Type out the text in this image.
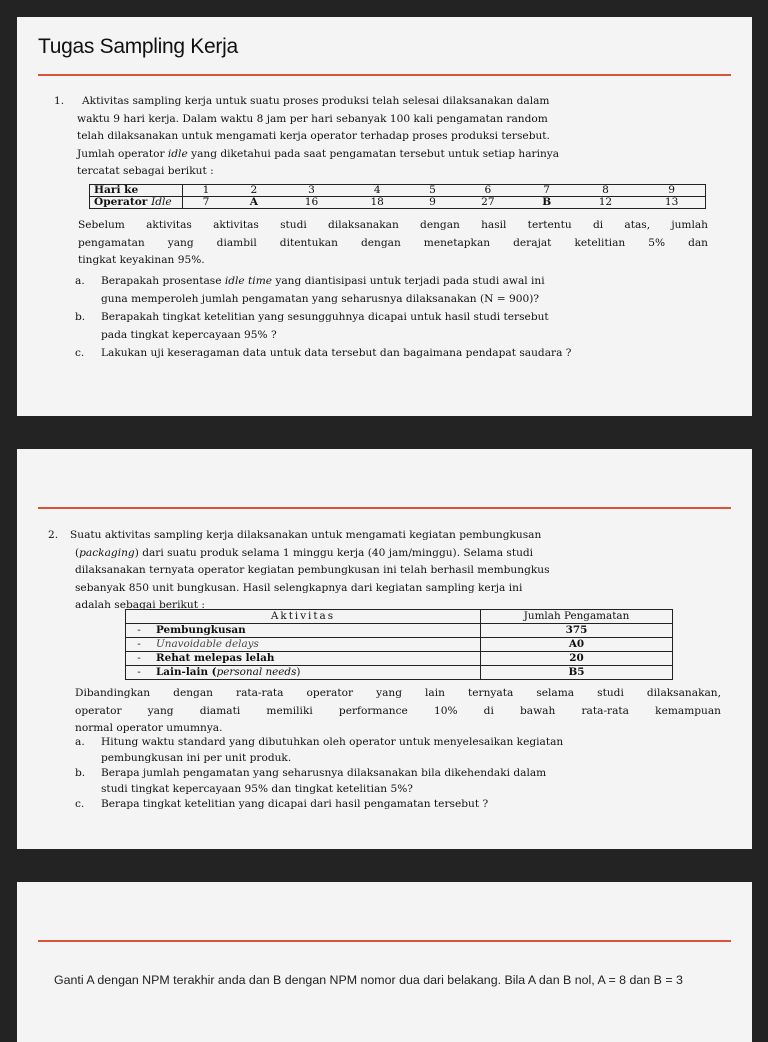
Tugas Sampling Kerja
1. Aktivitas sampling kerja untuk suatu proses produksi telah selesai dilaksanakan dalam
waktu 9 hari kerja. Dalam waktu 8 jam per hari sebanyak 100 kali pengamatan random
telah dilaksanakan untuk mengamati kerja operator terhadap proses produksi tersebut.
Jumlah operator idle yang diketahui pada saat pengamatan tersebut untuk setiap harinya
tercatat sebagai berikut :
Hari ke	1	2	3	4	5	6	7	8	9
Operator Idle	7	A	16	18	9	27	B	12	13
Sebelum aktivitas aktivitas studi dilaksanakan dengan hasil tertentu di atas, jumlah
pengamatan yang diambil ditentukan dengan menetapkan derajat ketelitian 5% dan
tingkat keyakinan 95%.
a.	Berapakah prosentase idle time yang diantisipasi untuk terjadi pada studi awal ini
guna memperoleh jumlah pengamatan yang seharusnya dilaksanakan (N = 900)?
b.	Berapakah tingkat ketelitian yang sesungguhnya dicapai untuk hasil studi tersebut
pada tingkat kepercayaan 95% ?
c.	Lakukan uji keseragaman data untuk data tersebut dan bagaimana pendapat saudara ?
2. Suatu aktivitas sampling kerja dilaksanakan untuk mengamati kegiatan pembungkusan
(packaging) dari suatu produk selama 1 minggu kerja (40 jam/minggu). Selama studi
dilaksanakan ternyata operator kegiatan pembungkusan ini telah berhasil membungkus
sebanyak 850 unit bungkusan. Hasil selengkapnya dari kegiatan sampling kerja ini
adalah sebagai berikut :
Aktivitas		Jumlah Pengamatan
-	Pembungkusan	375
-	Unavoidable delays	A0
-	Rehat melepas lelah	20
-	Lain-lain (personal needs)	B5
Dibandingkan dengan rata-rata operator yang lain ternyata selama studi dilaksanakan,
operator yang diamati memiliki performance 10% di bawah rata-rata kemampuan
normal operator umumnya.
a.	Hitung waktu standard yang dibutuhkan oleh operator untuk menyelesaikan kegiatan
pembungkusan ini per unit produk.
b.	Berapa jumlah pengamatan yang seharusnya dilaksanakan bila dikehendaki dalam
studi tingkat kepercayaan 95% dan tingkat ketelitian 5%?
c.	Berapa tingkat ketelitian yang dicapai dari hasil pengamatan tersebut ?
Ganti A dengan NPM terakhir anda dan B dengan NPM nomor dua dari belakang. Bila A dan B nol, A = 8 dan B = 3
